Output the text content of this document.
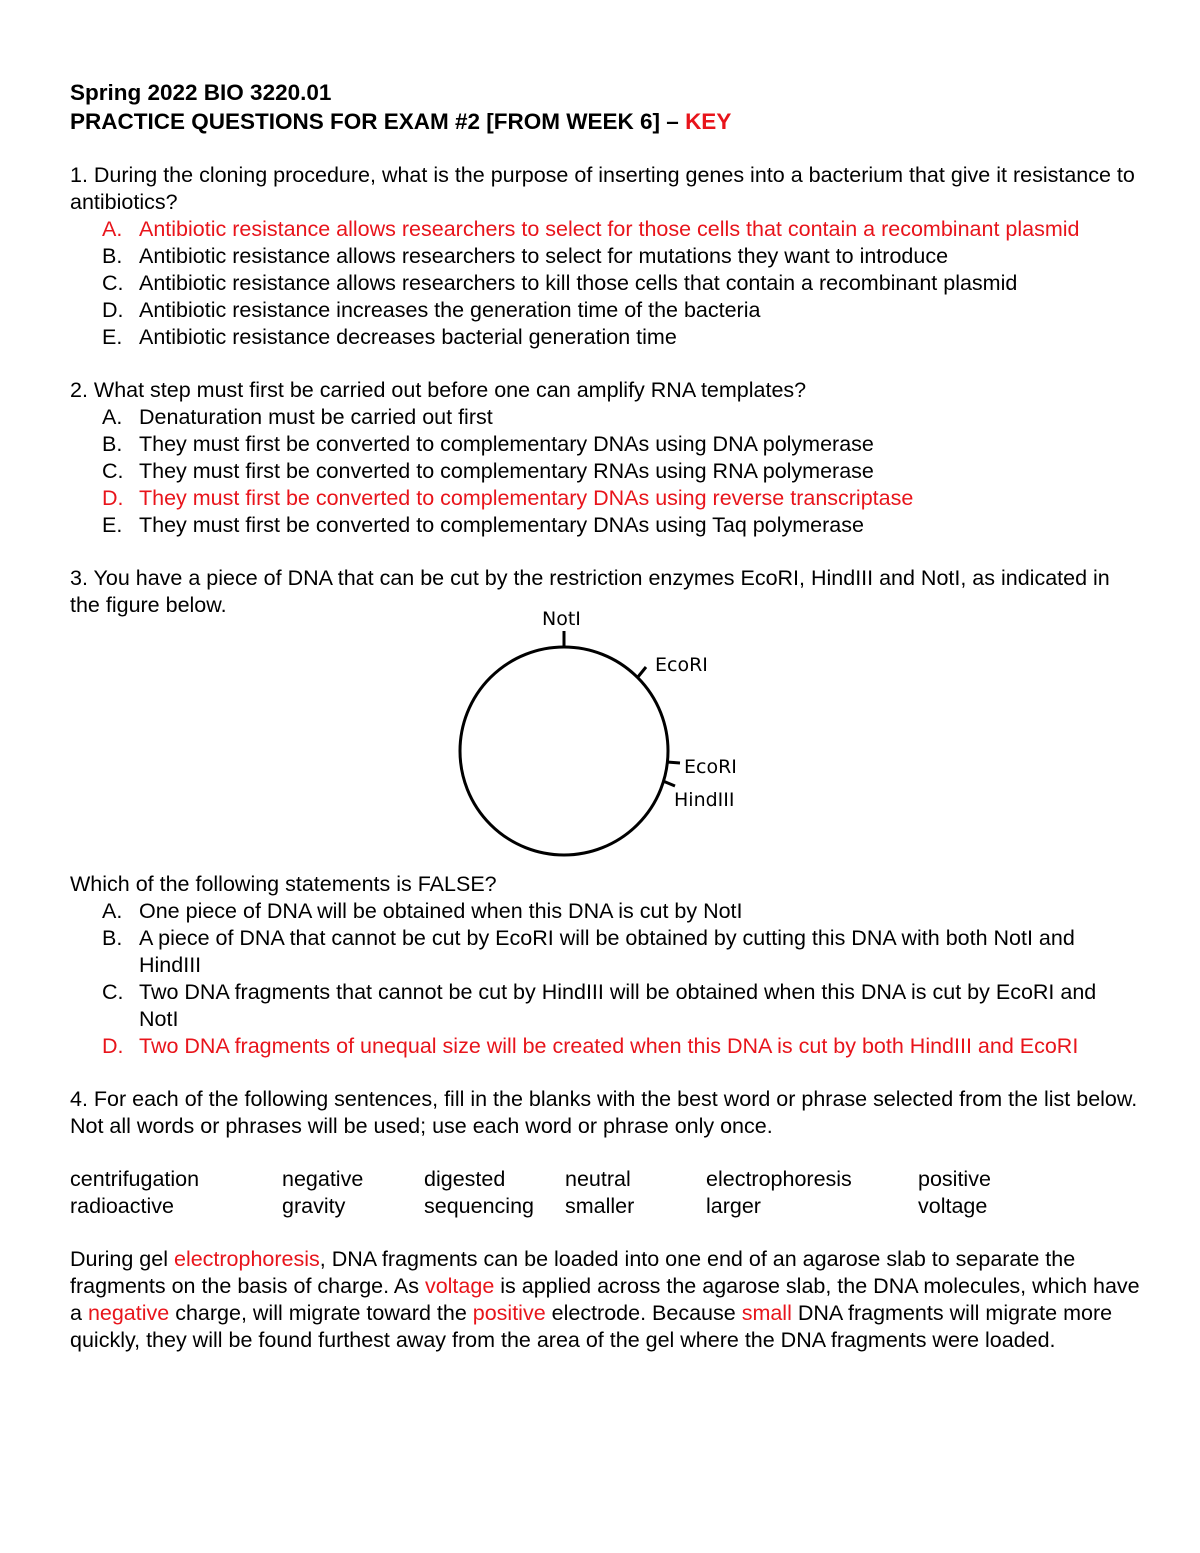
Spring 2022 BIO 3220.01

PRACTICE QUESTIONS FOR EXAM #2 [FROM WEEK 6] – KEY

1. During the cloning procedure, what is the purpose of inserting genes into a bacterium that give it resistance to antibiotics?

A. Antibiotic resistance allows researchers to select for those cells that contain a recombinant plasmid
B. Antibiotic resistance allows researchers to select for mutations they want to introduce
C. Antibiotic resistance allows researchers to kill those cells that contain a recombinant plasmid
D. Antibiotic resistance increases the generation time of the bacteria
E. Antibiotic resistance decreases bacterial generation time

2. What step must first be carried out before one can amplify RNA templates?

A. Denaturation must be carried out first
B. They must first be converted to complementary DNAs using DNA polymerase
C. They must first be converted to complementary RNAs using RNA polymerase
D. They must first be converted to complementary DNAs using reverse transcriptase
E. They must first be converted to complementary DNAs using Taq polymerase

3. You have a piece of DNA that can be cut by the restriction enzymes EcoRI, HindIII and NotI, as indicated in the figure below.

NotI
EcoRI
EcoRI
HindIII

Which of the following statements is FALSE?

A. One piece of DNA will be obtained when this DNA is cut by NotI
B. A piece of DNA that cannot be cut by EcoRI will be obtained by cutting this DNA with both NotI and HindIII
C. Two DNA fragments that cannot be cut by HindIII will be obtained when this DNA is cut by EcoRI and NotI
D. Two DNA fragments of unequal size will be created when this DNA is cut by both HindIII and EcoRI

4. For each of the following sentences, fill in the blanks with the best word or phrase selected from the list below. Not all words or phrases will be used; use each word or phrase only once.

centrifugation	negative	digested	neutral	electrophoresis	positive
radioactive	gravity	sequencing	smaller	larger	voltage

During gel electrophoresis, DNA fragments can be loaded into one end of an agarose slab to separate the fragments on the basis of charge. As voltage is applied across the agarose slab, the DNA molecules, which have a negative charge, will migrate toward the positive electrode. Because small DNA fragments will migrate more quickly, they will be found furthest away from the area of the gel where the DNA fragments were loaded.
